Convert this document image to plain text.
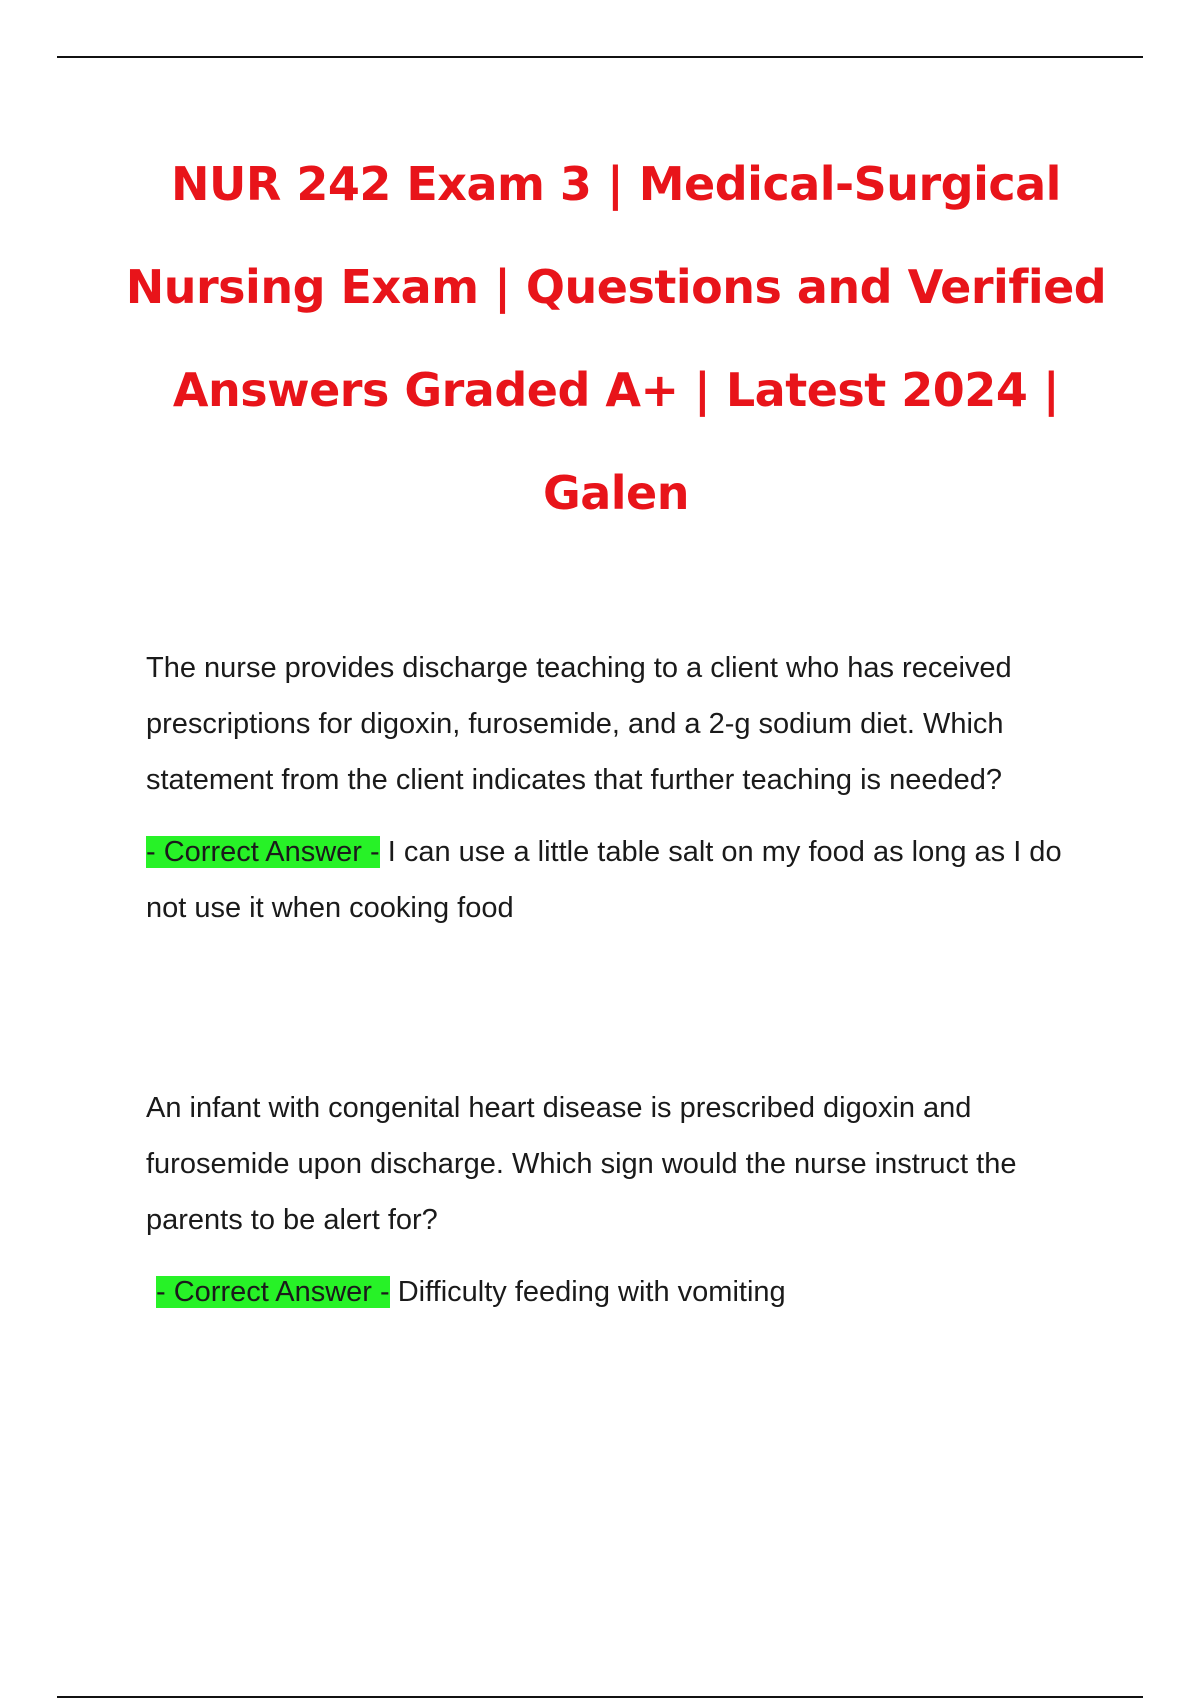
NUR 242 Exam 3 | Medical-Surgical
Nursing Exam | Questions and Verified
Answers Graded A+ | Latest 2024 |
Galen

The nurse provides discharge teaching to a client who has received prescriptions for digoxin, furosemide, and a 2-g sodium diet. Which statement from the client indicates that further teaching is needed?

- Correct Answer - I can use a little table salt on my food as long as I do not use it when cooking food

An infant with congenital heart disease is prescribed digoxin and furosemide upon discharge. Which sign would the nurse instruct the parents to be alert for?

- Correct Answer - Difficulty feeding with vomiting
